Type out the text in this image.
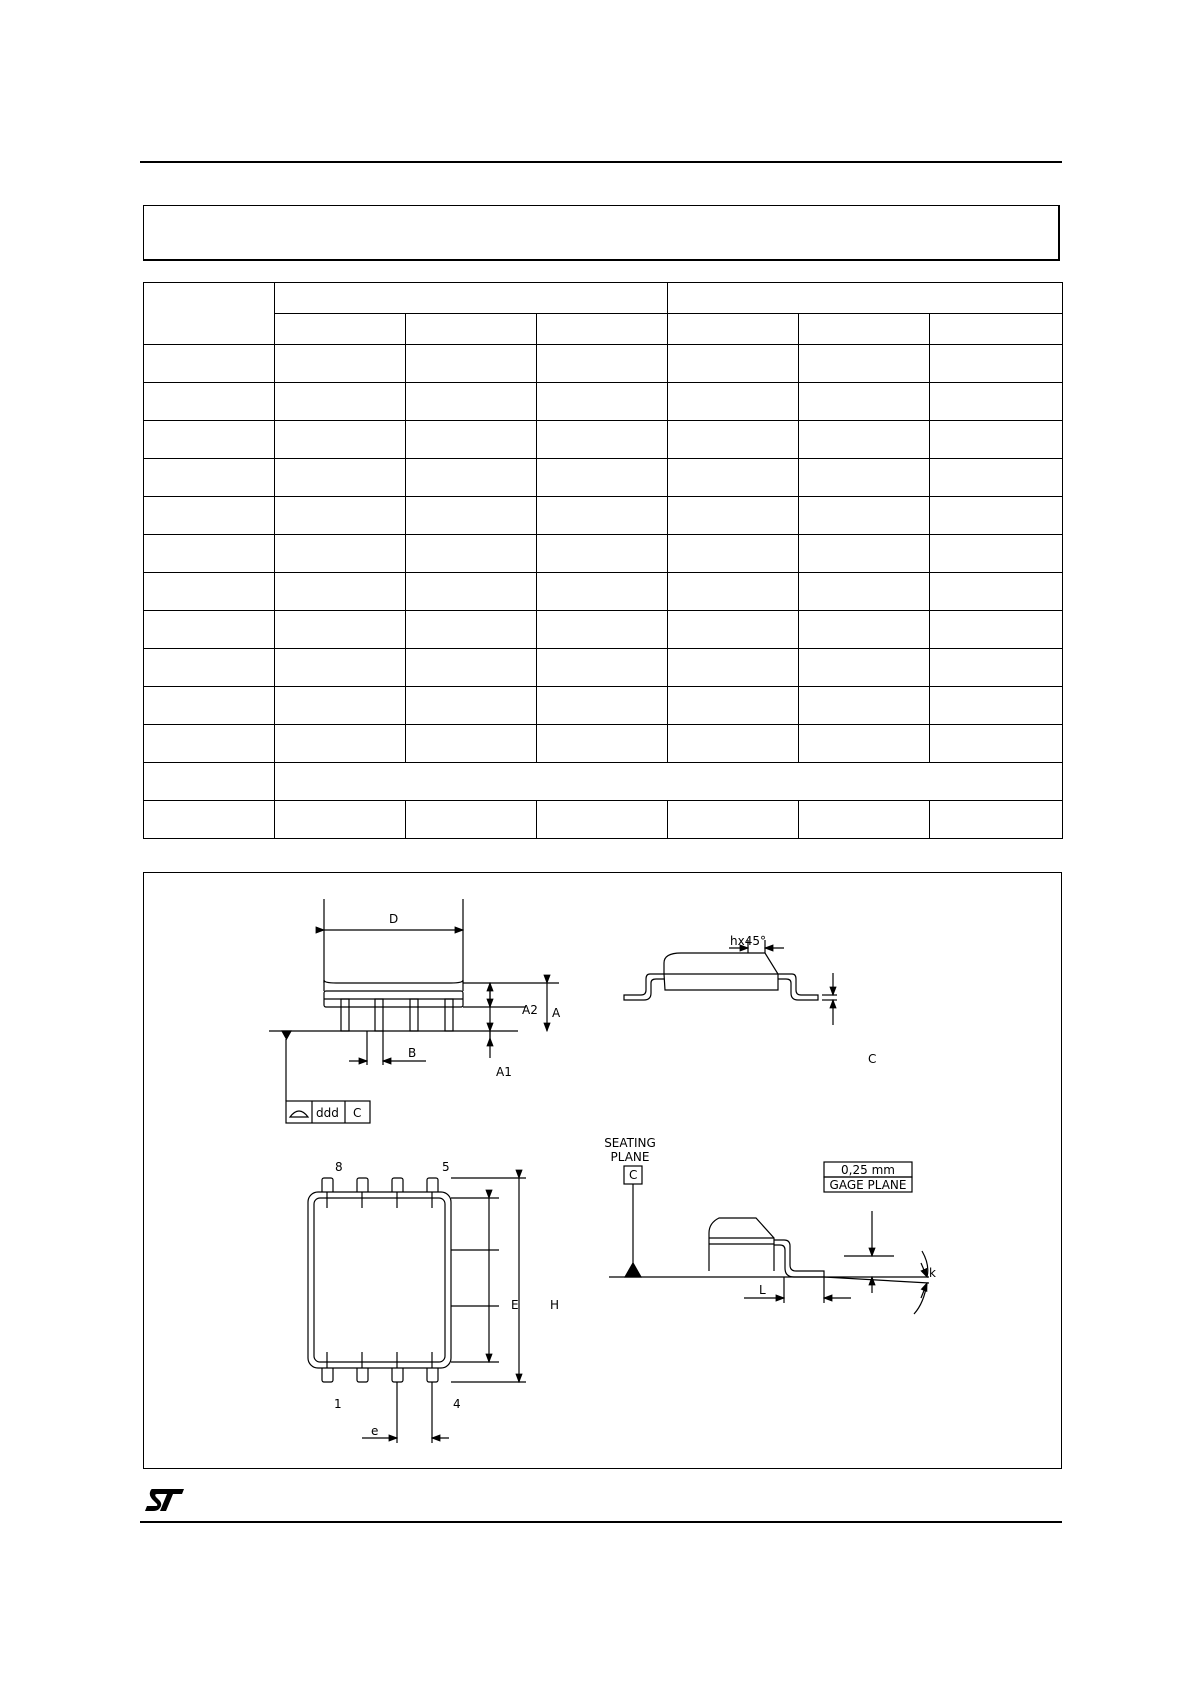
D
A2 A
B
A1
ddd C
hx45°
C
SEATING
PLANE
C	0,25 mm
GAGE PLANE
k
L
E	H
e
8	5
1	4
